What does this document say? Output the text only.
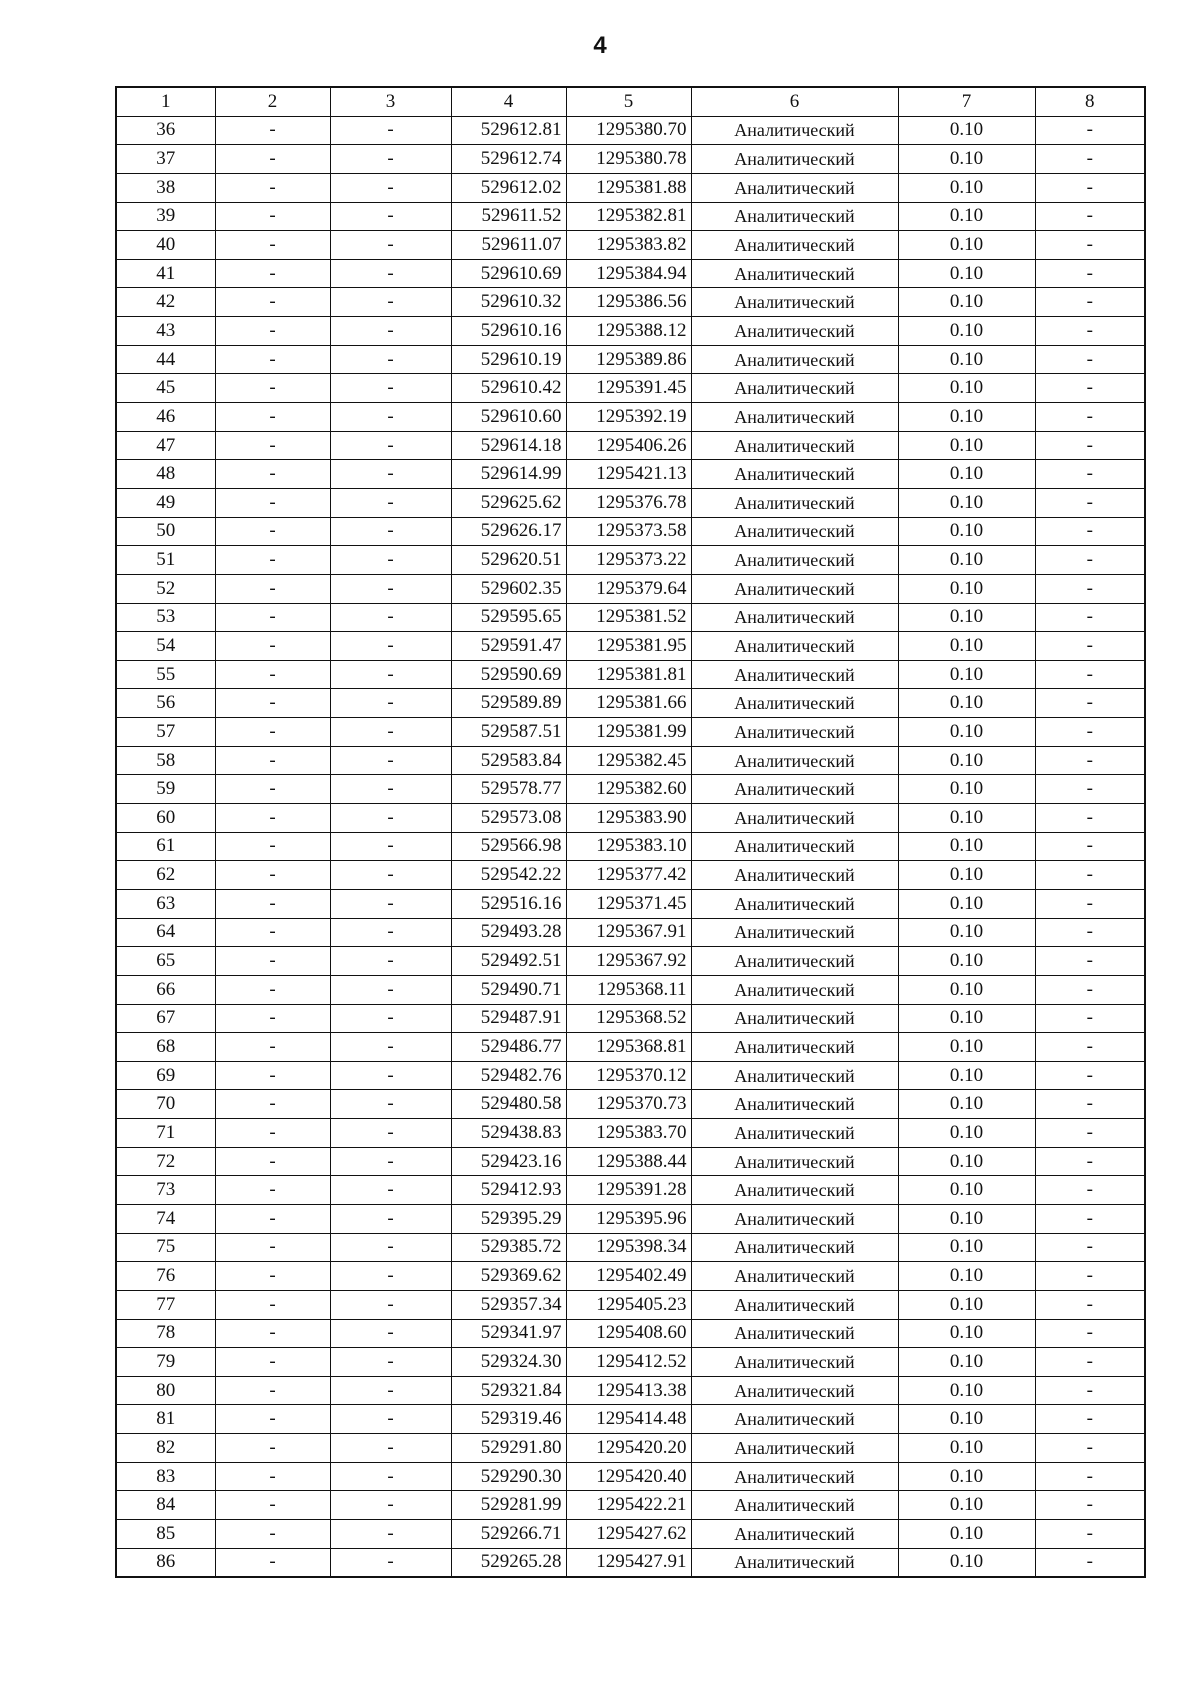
4
1	2	3	4	5	6	7	8
36	-	-	529612.81	1295380.70	Аналитический	0.10	-
37	-	-	529612.74	1295380.78	Аналитический	0.10	-
38	-	-	529612.02	1295381.88	Аналитический	0.10	-
39	-	-	529611.52	1295382.81	Аналитический	0.10	-
40	-	-	529611.07	1295383.82	Аналитический	0.10	-
41	-	-	529610.69	1295384.94	Аналитический	0.10	-
42	-	-	529610.32	1295386.56	Аналитический	0.10	-
43	-	-	529610.16	1295388.12	Аналитический	0.10	-
44	-	-	529610.19	1295389.86	Аналитический	0.10	-
45	-	-	529610.42	1295391.45	Аналитический	0.10	-
46	-	-	529610.60	1295392.19	Аналитический	0.10	-
47	-	-	529614.18	1295406.26	Аналитический	0.10	-
48	-	-	529614.99	1295421.13	Аналитический	0.10	-
49	-	-	529625.62	1295376.78	Аналитический	0.10	-
50	-	-	529626.17	1295373.58	Аналитический	0.10	-
51	-	-	529620.51	1295373.22	Аналитический	0.10	-
52	-	-	529602.35	1295379.64	Аналитический	0.10	-
53	-	-	529595.65	1295381.52	Аналитический	0.10	-
54	-	-	529591.47	1295381.95	Аналитический	0.10	-
55	-	-	529590.69	1295381.81	Аналитический	0.10	-
56	-	-	529589.89	1295381.66	Аналитический	0.10	-
57	-	-	529587.51	1295381.99	Аналитический	0.10	-
58	-	-	529583.84	1295382.45	Аналитический	0.10	-
59	-	-	529578.77	1295382.60	Аналитический	0.10	-
60	-	-	529573.08	1295383.90	Аналитический	0.10	-
61	-	-	529566.98	1295383.10	Аналитический	0.10	-
62	-	-	529542.22	1295377.42	Аналитический	0.10	-
63	-	-	529516.16	1295371.45	Аналитический	0.10	-
64	-	-	529493.28	1295367.91	Аналитический	0.10	-
65	-	-	529492.51	1295367.92	Аналитический	0.10	-
66	-	-	529490.71	1295368.11	Аналитический	0.10	-
67	-	-	529487.91	1295368.52	Аналитический	0.10	-
68	-	-	529486.77	1295368.81	Аналитический	0.10	-
69	-	-	529482.76	1295370.12	Аналитический	0.10	-
70	-	-	529480.58	1295370.73	Аналитический	0.10	-
71	-	-	529438.83	1295383.70	Аналитический	0.10	-
72	-	-	529423.16	1295388.44	Аналитический	0.10	-
73	-	-	529412.93	1295391.28	Аналитический	0.10	-
74	-	-	529395.29	1295395.96	Аналитический	0.10	-
75	-	-	529385.72	1295398.34	Аналитический	0.10	-
76	-	-	529369.62	1295402.49	Аналитический	0.10	-
77	-	-	529357.34	1295405.23	Аналитический	0.10	-
78	-	-	529341.97	1295408.60	Аналитический	0.10	-
79	-	-	529324.30	1295412.52	Аналитический	0.10	-
80	-	-	529321.84	1295413.38	Аналитический	0.10	-
81	-	-	529319.46	1295414.48	Аналитический	0.10	-
82	-	-	529291.80	1295420.20	Аналитический	0.10	-
83	-	-	529290.30	1295420.40	Аналитический	0.10	-
84	-	-	529281.99	1295422.21	Аналитический	0.10	-
85	-	-	529266.71	1295427.62	Аналитический	0.10	-
86	-	-	529265.28	1295427.91	Аналитический	0.10	-
